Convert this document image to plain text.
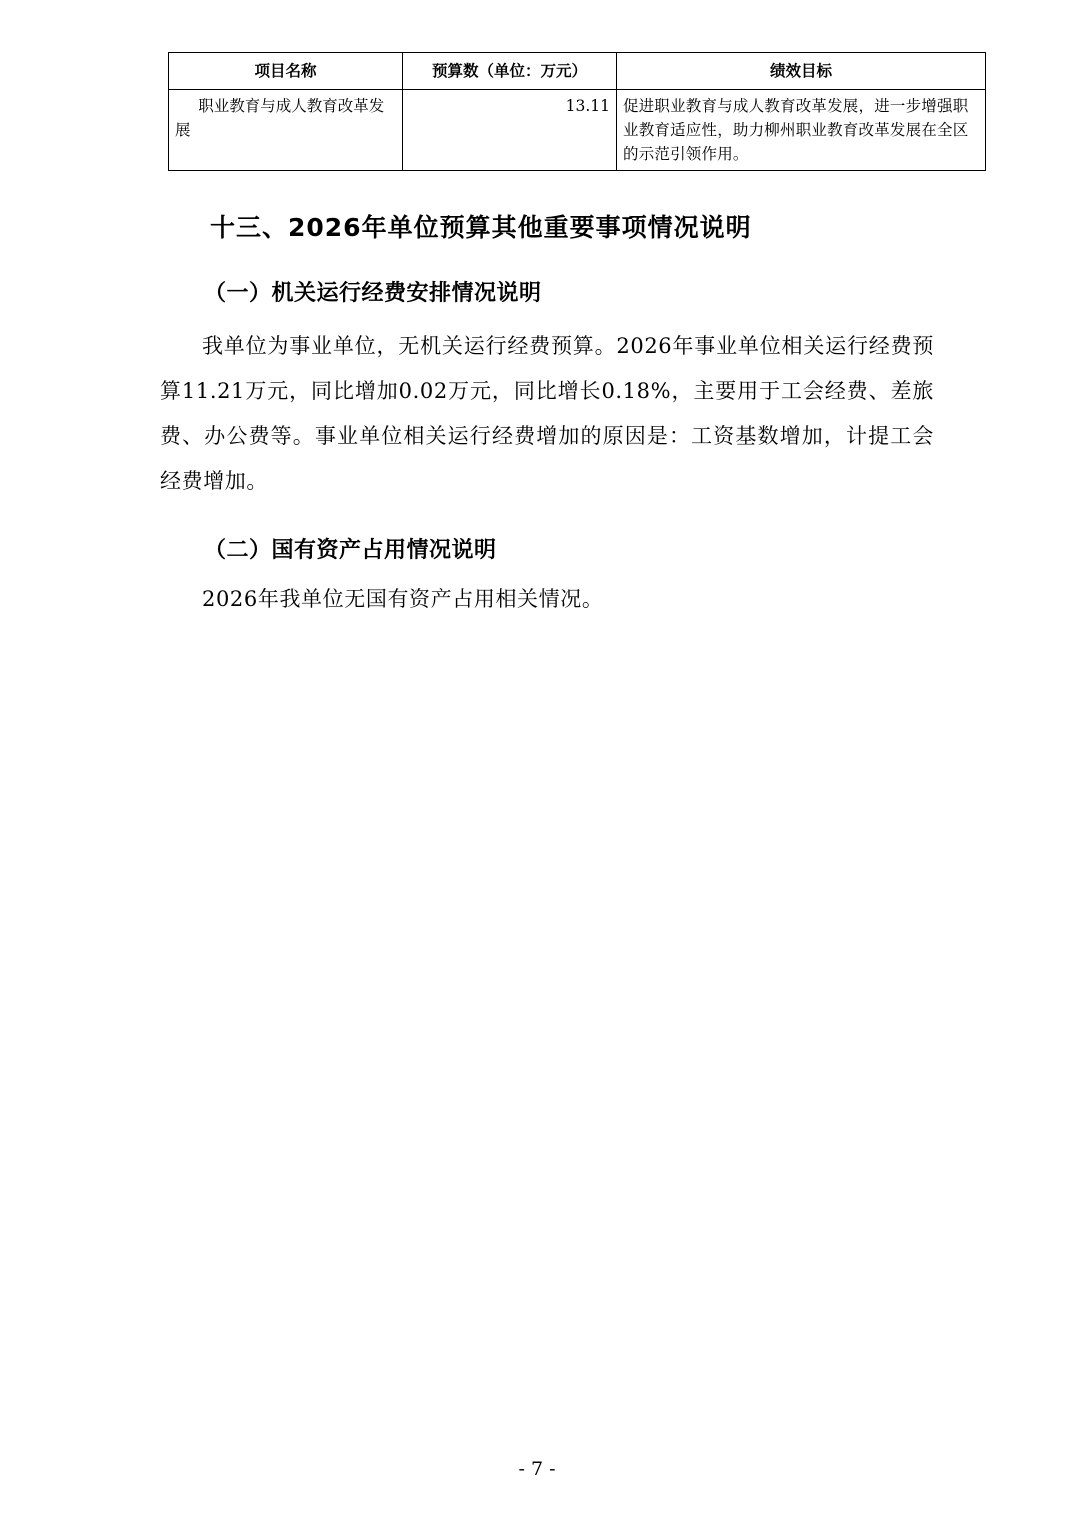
项目名称	预算数（单位：万元）	绩效目标
职业教育与成人教育改革发展	13.11	促进职业教育与成人教育改革发展，进一步增强职业教育适应性，助力柳州职业教育改革发展在全区的示范引领作用。
十三、2026年单位预算其他重要事项情况说明
（一）机关运行经费安排情况说明

我单位为事业单位，无机关运行经费预算。2026年事业单位相关运行经费预算11.21万元，同比增加0.02万元，同比增长0.18%，主要用于工会经费、差旅费、办公费等。事业单位相关运行经费增加的原因是：工资基数增加，计提工会经费增加。

（二）国有资产占用情况说明

2026年我单位无国有资产占用相关情况。

- 7 -
